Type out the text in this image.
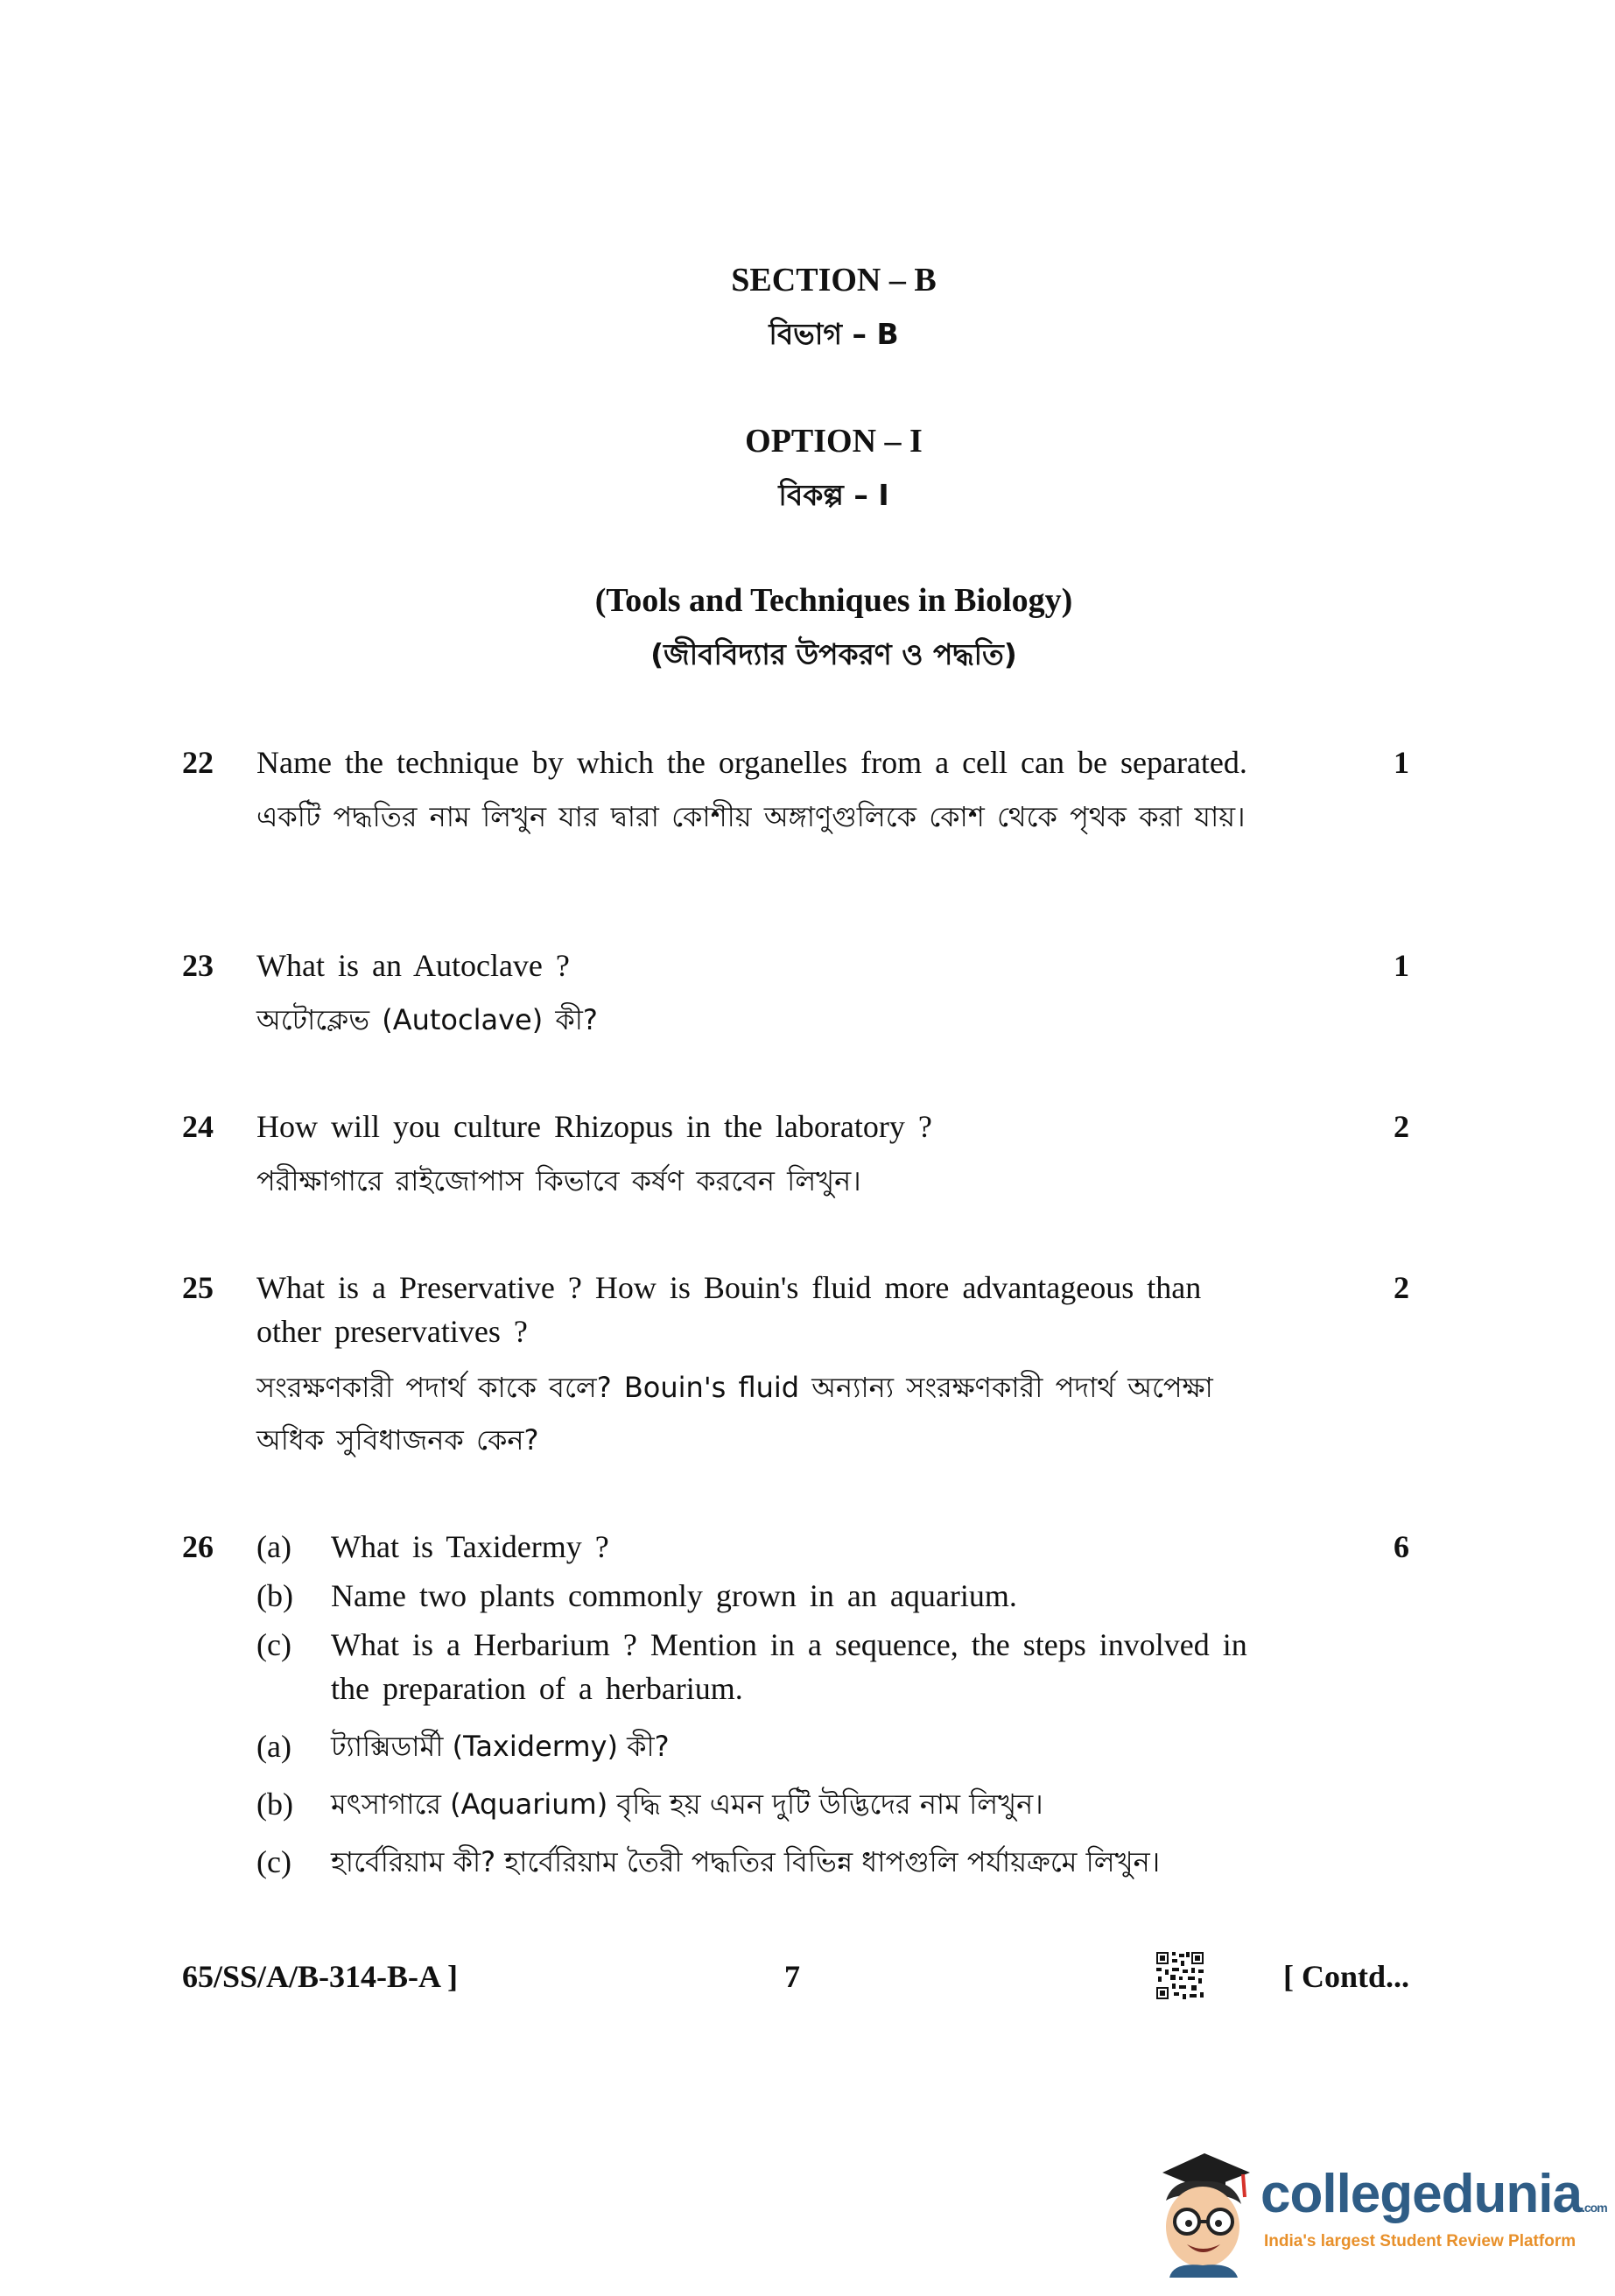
SECTION – B
বিভাগ – B
OPTION – I
বিকল্প – I
(Tools and Techniques in Biology)
(জীববিদ্যার উপকরণ ও পদ্ধতি)
22	1
Name the technique by which the organelles from a cell can be separated.
একটি পদ্ধতির নাম লিখুন যার দ্বারা কোশীয় অঙ্গাণুগুলিকে কোশ থেকে পৃথক করা যায়।
23	1
What is an Autoclave ?
অটোক্লেভ (Autoclave) কী?
24	2
How will you culture Rhizopus in the laboratory ?
পরীক্ষাগারে রাইজোপাস কিভাবে কর্ষণ করবেন লিখুন।
25	2
What is a Preservative ? How is Bouin's fluid more advantageous than other preservatives ?
সংরক্ষণকারী পদার্থ কাকে বলে? Bouin's fluid অন্যান্য সংরক্ষণকারী পদার্থ অপেক্ষা
অধিক সুবিধাজনক কেন?
26	6
(a)	What is Taxidermy ?
(b)	Name two plants commonly grown in an aquarium.
(c)	What is a Herbarium ? Mention in a sequence, the steps involved in the preparation of a herbarium.
(a)	ট্যাক্সিডার্মী (Taxidermy) কী?
(b)	মৎসাগারে (Aquarium) বৃদ্ধি হয় এমন দুটি উদ্ভিদের নাম লিখুন।
(c)	হার্বেরিয়াম কী? হার্বেরিয়াম তৈরী পদ্ধতির বিভিন্ন ধাপগুলি পর্যায়ক্রমে লিখুন।
65/SS/A/B-314-B-A ]	7	[ Contd...
collegedunia.com
India's largest Student Review Platform
